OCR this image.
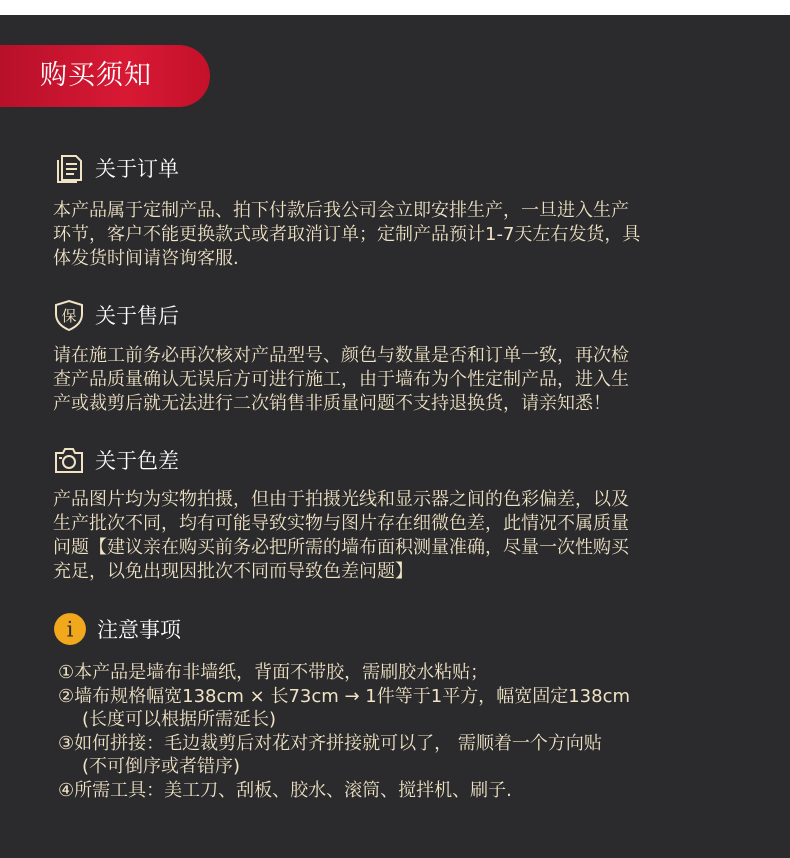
购买须知
关于订单
本产品属于定制产品、拍下付款后我公司会立即安排生产，一旦进入生产
环节，客户不能更换款式或者取消订单；定制产品预计1-7天左右发货，具
体发货时间请咨询客服.
保 关于售后
请在施工前务必再次核对产品型号、颜色与数量是否和订单一致，再次检
查产品质量确认无误后方可进行施工，由于墙布为个性定制产品，进入生
产或裁剪后就无法进行二次销售非质量问题不支持退换货，请亲知悉！
关于色差
产品图片均为实物拍摄，但由于拍摄光线和显示器之间的色彩偏差，以及
生产批次不同，均有可能导致实物与图片存在细微色差，此情况不属质量
问题【建议亲在购买前务必把所需的墙布面积测量准确，尽量一次性购买
充足，以免出现因批次不同而导致色差问题】
i 注意事项
①本产品是墙布非墙纸，背面不带胶，需刷胶水粘贴；
②墙布规格幅宽138cm × 长73cm → 1件等于1平方，幅宽固定138cm
(长度可以根据所需延长)
③如何拼接：毛边裁剪后对花对齐拼接就可以了， 需顺着一个方向贴
(不可倒序或者错序)
④所需工具：美工刀、刮板、胶水、滚筒、搅拌机、刷子.
